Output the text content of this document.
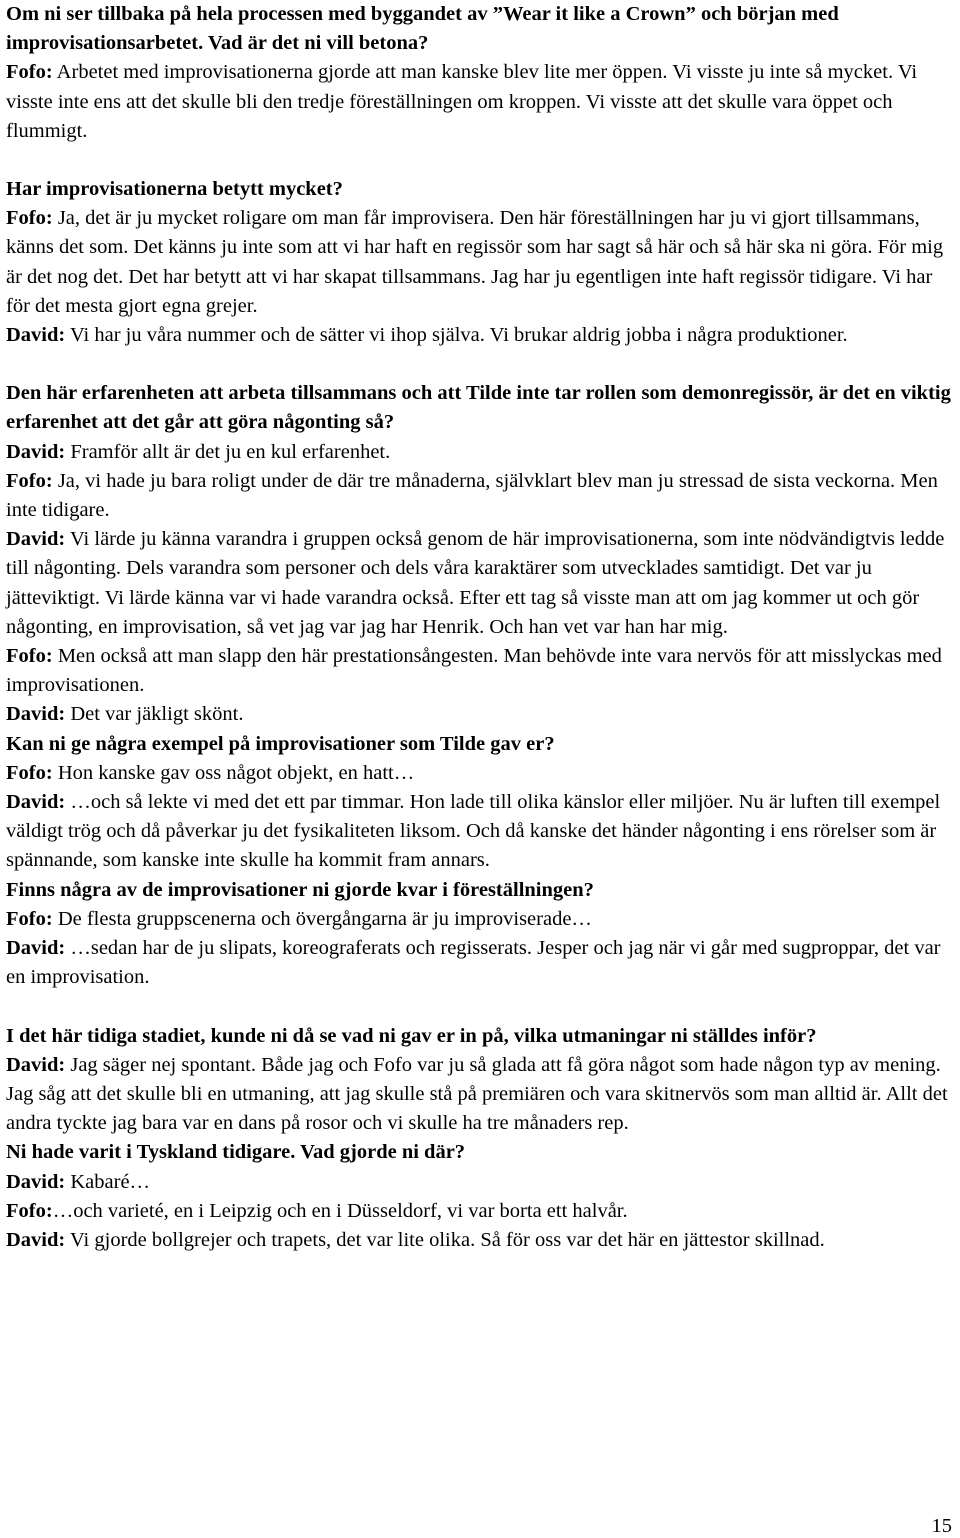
Om ni ser tillbaka på hela processen med byggandet av ”Wear it like a Crown” och början med improvisationsarbetet. Vad är det ni vill betona?

Fofo: Arbetet med improvisationerna gjorde att man kanske blev lite mer öppen. Vi visste ju inte så mycket. Vi visste inte ens att det skulle bli den tredje föreställningen om kroppen. Vi visste att det skulle vara öppet och flummigt.

Har improvisationerna betytt mycket?

Fofo: Ja, det är ju mycket roligare om man får improvisera. Den här föreställningen har ju vi gjort tillsammans, känns det som. Det känns ju inte som att vi har haft en regissör som har sagt så här och så här ska ni göra. För mig är det nog det. Det har betytt att vi har skapat tillsammans. Jag har ju egentligen inte haft regissör tidigare. Vi har för det mesta gjort egna grejer.

David: Vi har ju våra nummer och de sätter vi ihop själva. Vi brukar aldrig jobba i några produktioner.

Den här erfarenheten att arbeta tillsammans och att Tilde inte tar rollen som demonregissör, är det en viktig erfarenhet att det går att göra någonting så?

David: Framför allt är det ju en kul erfarenhet.

Fofo: Ja, vi hade ju bara roligt under de där tre månaderna, självklart blev man ju stressad de sista veckorna. Men inte tidigare.

David: Vi lärde ju känna varandra i gruppen också genom de här improvisationerna, som inte nödvändigtvis ledde till någonting. Dels varandra som personer och dels våra karaktärer som utvecklades samtidigt. Det var ju jätteviktigt. Vi lärde känna var vi hade varandra också. Efter ett tag så visste man att om jag kommer ut och gör någonting, en improvisation, så vet jag var jag har Henrik. Och han vet var han har mig.

Fofo: Men också att man slapp den här prestationsångesten. Man behövde inte vara nervös för att misslyckas med improvisationen.

David: Det var jäkligt skönt.

Kan ni ge några exempel på improvisationer som Tilde gav er?

Fofo: Hon kanske gav oss något objekt, en hatt…

David: …och så lekte vi med det ett par timmar. Hon lade till olika känslor eller miljöer. Nu är luften till exempel väldigt trög och då påverkar ju det fysikaliteten liksom. Och då kanske det händer någonting i ens rörelser som är spännande, som kanske inte skulle ha kommit fram annars.

Finns några av de improvisationer ni gjorde kvar i föreställningen?

Fofo: De flesta gruppscenerna och övergångarna är ju improviserade…

David: …sedan har de ju slipats, koreograferats och regisserats. Jesper och jag när vi går med sugproppar, det var en improvisation.

I det här tidiga stadiet, kunde ni då se vad ni gav er in på, vilka utmaningar ni ställdes inför?

David: Jag säger nej spontant. Både jag och Fofo var ju så glada att få göra något som hade någon typ av mening. Jag såg att det skulle bli en utmaning, att jag skulle stå på premiären och vara skitnervös som man alltid är. Allt det andra tyckte jag bara var en dans på rosor och vi skulle ha tre månaders rep.

Ni hade varit i Tyskland tidigare. Vad gjorde ni där?

David: Kabaré…

Fofo:…och varieté, en i Leipzig och en i Düsseldorf, vi var borta ett halvår.

David: Vi gjorde bollgrejer och trapets, det var lite olika. Så för oss var det här en jättestor skillnad.

15
